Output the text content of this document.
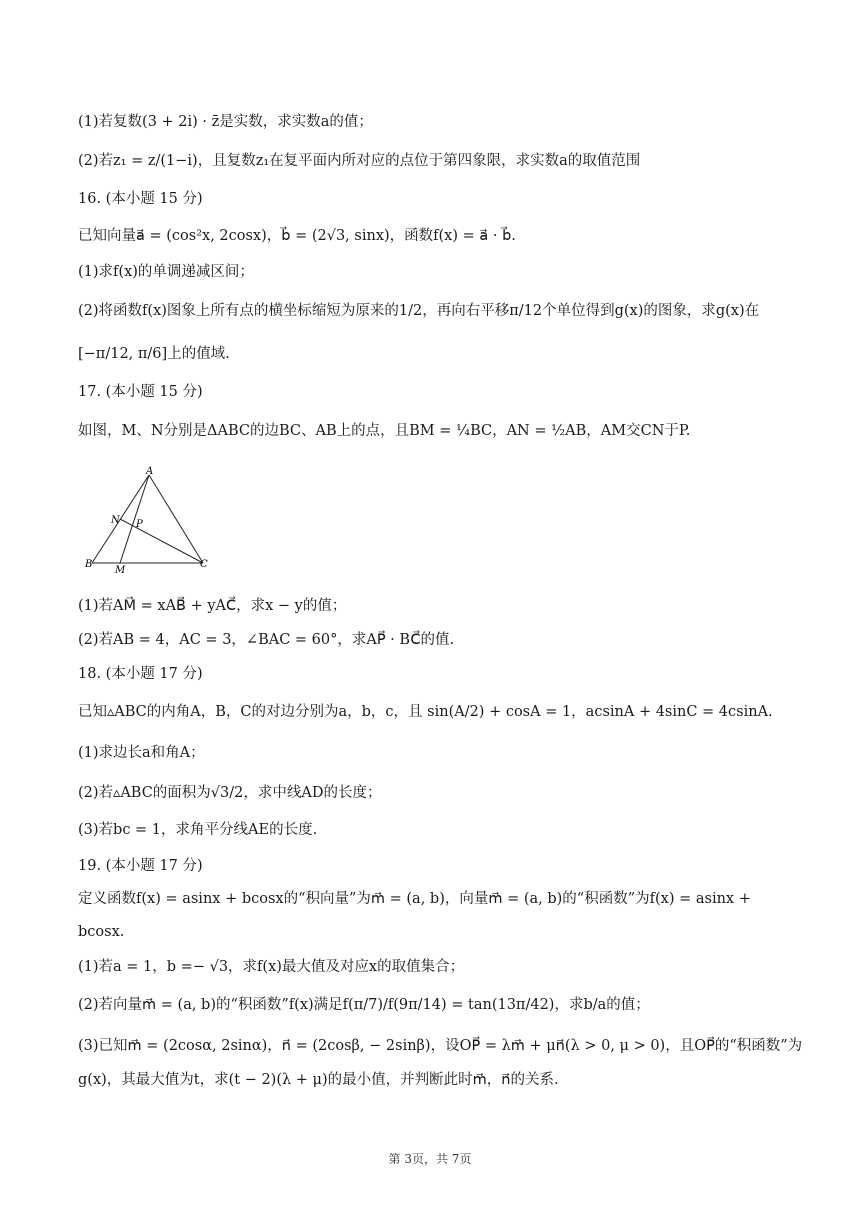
(1)若复数(3 + 2i) · z̄是实数，求实数a的值；
(2)若z₁ = z/(1−i)，且复数z₁在复平面内所对应的点位于第四象限，求实数a的取值范围
16. (本小题 15 分)
已知向量a⃗ = (cos²x, 2cosx)，b⃗ = (2√3, sinx)，函数f(x) = a⃗ · b⃗.
(1)求f(x)的单调递减区间；
(2)将函数f(x)图象上所有点的横坐标缩短为原来的1/2，再向右平移π/12个单位得到g(x)的图象，求g(x)在
[−π/12, π/6]上的值域.
17. (本小题 15 分)
如图，M、N分别是ΔABC的边BC、AB上的点，且BM = ¼BC，AN = ½AB，AM交CN于P.
A
B	C
M
N P
(1)若AM⃗ = xAB⃗ + yAC⃗，求x − y的值；
(2)若AB = 4，AC = 3，∠BAC = 60°，求AP⃗ · BC⃗的值.
18. (本小题 17 分)
已知▵ABC的内角A，B，C的对边分别为a，b，c，且 sin(A/2) + cosA = 1，acsinA + 4sinC = 4csinA.
(1)求边长a和角A；
(2)若▵ABC的面积为√3/2，求中线AD的长度；
(3)若bc = 1，求角平分线AE的长度.
19. (本小题 17 分)
定义函数f(x) = asinx + bcosx的“积向量”为m⃗ = (a, b)，向量m⃗ = (a, b)的“积函数”为f(x) = asinx +
bcosx.
(1)若a = 1，b =− √3，求f(x)最大值及对应x的取值集合；
(2)若向量m⃗ = (a, b)的“积函数”f(x)满足f(π/7)/f(9π/14) = tan(13π/42)，求b/a的值；
(3)已知m⃗ = (2cosα, 2sinα)，n⃗ = (2cosβ, − 2sinβ)，设OP⃗ = λm⃗ + μn⃗(λ > 0, μ > 0)，且OP⃗的“积函数”为
g(x)，其最大值为t，求(t − 2)(λ + μ)的最小值，并判断此时m⃗，n⃗的关系.
第 3页，共 7页
